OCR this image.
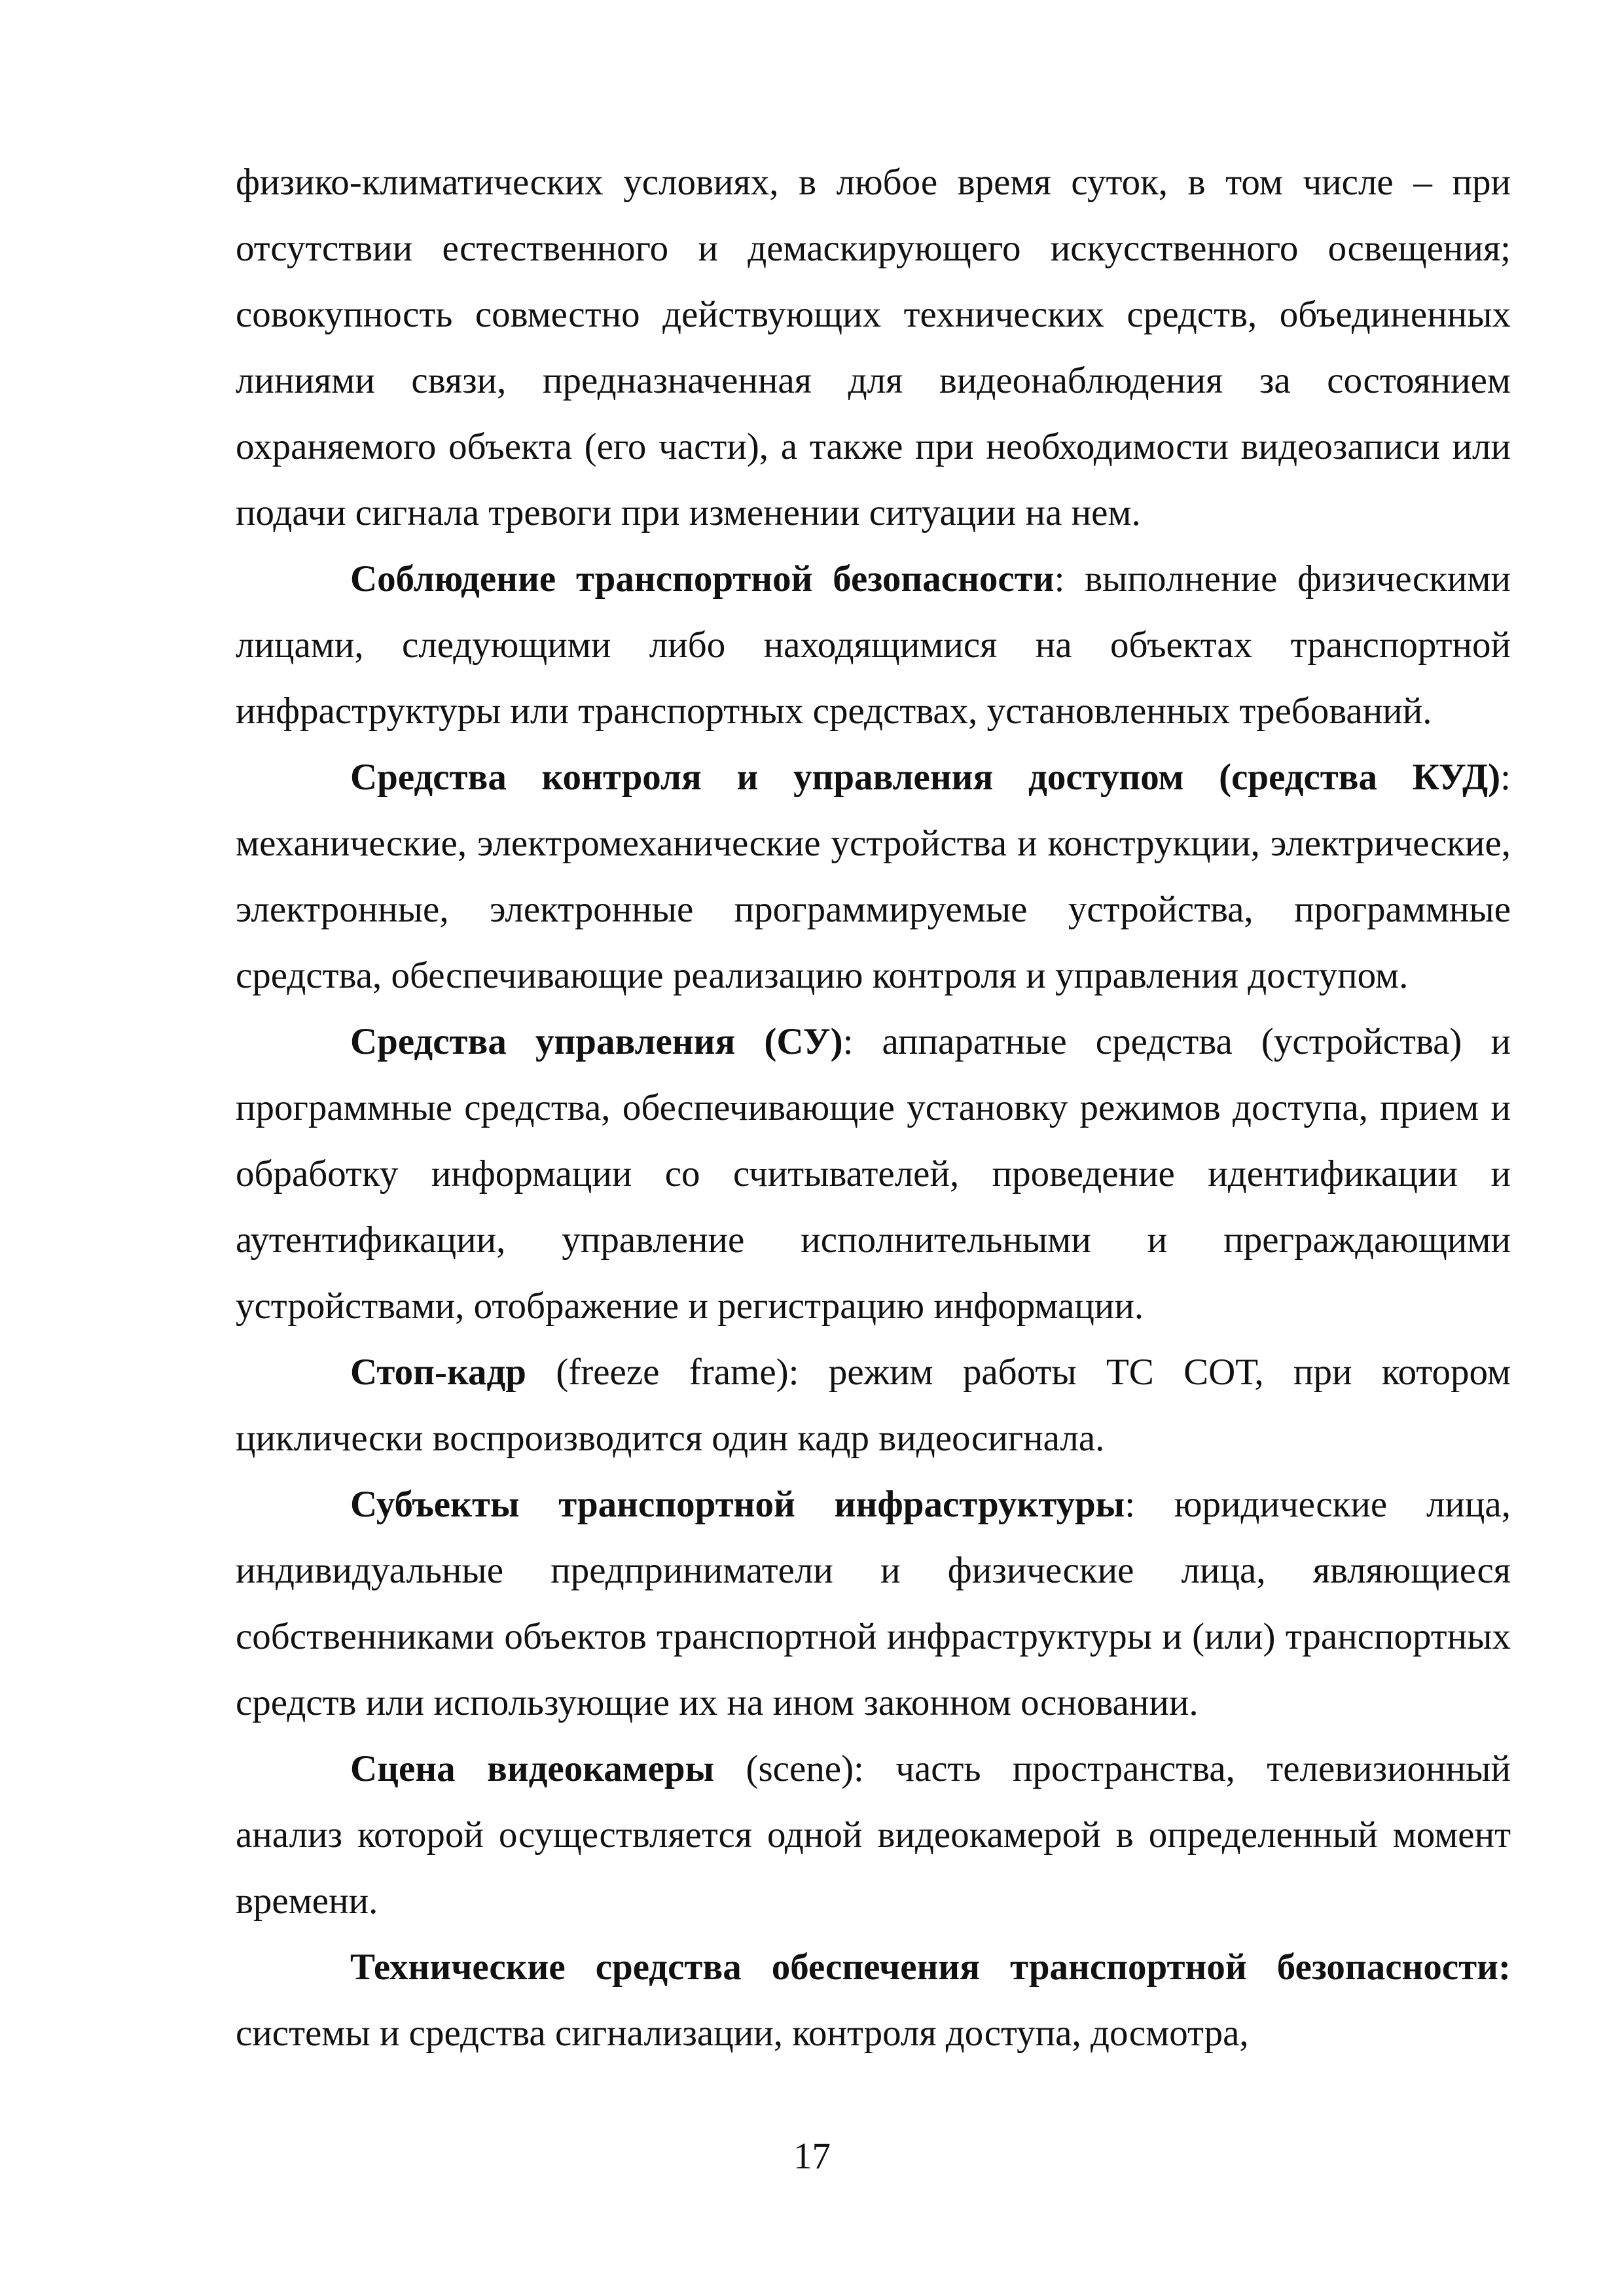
физико-климатических условиях, в любое время суток, в том числе – при отсутствии естественного и демаскирующего искусственного освещения; совокупность совместно действующих технических средств, объединенных линиями связи, предназначенная для видеонаблюдения за состоянием охраняемого объекта (его части), а также при необходимости видеозаписи или подачи сигнала тревоги при изменении ситуации на нем.

Соблюдение транспортной безопасности: выполнение физическими лицами, следующими либо находящимися на объектах транспортной инфраструктуры или транспортных средствах, установленных требований.

Средства контроля и управления доступом (средства КУД): механические, электромеханические устройства и конструкции, электрические, электронные, электронные программируемые устройства, программные средства, обеспечивающие реализацию контроля и управления доступом.

Средства управления (СУ): аппаратные средства (устройства) и программные средства, обеспечивающие установку режимов доступа, прием и обработку информации со считывателей, проведение идентификации и аутентификации, управление исполнительными и преграждающими устройствами, отображение и регистрацию информации.

Стоп-кадр (freeze frame): режим работы ТС СОТ, при котором циклически воспроизводится один кадр видеосигнала.

Субъекты транспортной инфраструктуры: юридические лица, индивидуальные предприниматели и физические лица, являющиеся собственниками объектов транспортной инфраструктуры и (или) транспортных средств или использующие их на ином законном основании.

Сцена видеокамеры (scene): часть пространства, телевизионный анализ которой осуществляется одной видеокамерой в определенный момент времени.

Технические средства обеспечения транспортной безопасности: системы и средства сигнализации, контроля доступа, досмотра,

17
